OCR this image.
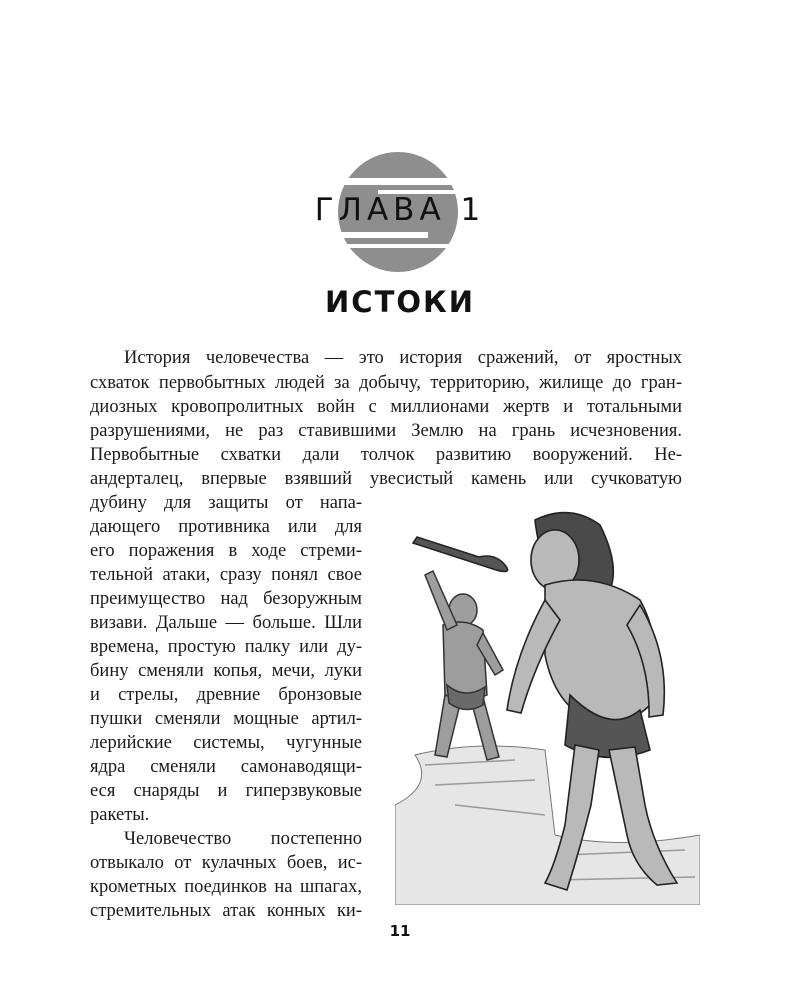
ГЛАВА 1
ИСТОКИ
История человечества — это история сражений, от яростных
схваток первобытных людей за добычу, территорию, жилище до гран-
диозных кровопролитных войн с миллионами жертв и тотальными
разрушениями, не раз ставившими Землю на грань исчезновения.
Первобытные схватки дали толчок развитию вооружений. Не-
андерталец, впервые взявший увесистый камень или сучковатую
дубину для защиты от напа-
дающего противника или для
его поражения в ходе стреми-
тельной атаки, сразу понял свое
преимущество над безоружным
визави. Дальше — больше. Шли
времена, простую палку или ду-
бину сменяли копья, мечи, луки
и стрелы, древние бронзовые
пушки сменяли мощные артил-
лерийские системы, чугунные
ядра сменяли самонаводящи-
еся снаряды и гиперзвуковые
ракеты.
Человечество постепенно
отвыкало от кулачных боев, ис-
крометных поединков на шпагах,
стремительных атак конных ки-
11
